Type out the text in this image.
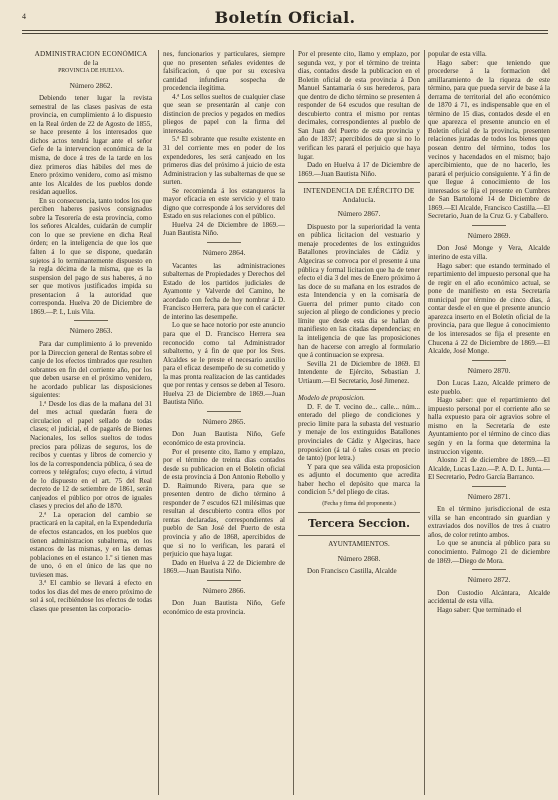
4	Boletín Oficial.
ADMINISTRACION ECONÓMICA
de la
PROVINCIA DE HUELVA.
Número 2862.

Debiendo tener lugar la revista semestral de las clases pasivas de esta provincia, en cumplimiento á lo dispuesto en la Real órden de 22 de Agosto de 1855, se hace presente á los interesados que dichos actos tendrá lugar ante el señor Gefe de la intervencion económica de la misma, de doce á tres de la tarde en los diez primeros días hábiles del mes de Enero próximo venidero, como así mismo ante los Alcaldes de los pueblos donde residan aquellos.

En su consecuencia, tanto todos los que perciben haberes pasivos consignados sobre la Tesorería de esta provincia, como los señores Alcaldes, cuidarán de cumplir con lo que se previene en dicha Real órden; en la inteligencia de que los que falten á lo que se dispone, quedarán sujetos á lo terminantemente dispuesto en la regla décima de la misma, que es la suspension del pago de sus haberes, á no ser que motivos justificados impida su presentacion á la autoridad que corresponda. Huelva 20 de Diciembre de 1869.—P. I., Luis Vila.

Número 2863.

Para dar cumplimiento á lo prevenido por la Direccion general de Rentas sobre el canje de los efectos timbrados que resulten sobrantes en fin del corriente año, por los que deben usarse en el próximo venidero, he acordado publicar las disposiciones siguientes:

1.ª Desde los dias de la mañana del 31 del mes actual quedarán fuera de circulacion el papel sellado de todas clases; el judicial, el de pagarés de Bienes Nacionales, los sellos sueltos de todos precios para pólizas de seguros, los de recibos y cuentas y libros de comercio y los de la correspondencia pública, ó sea de correos y telégrafos; cuyo efecto, á virtud de lo dispuesto en el art. 75 del Real decreto de 12 de setiembre de 1861, serán canjeados el público por otros de iguales clases y precios del año de 1870.

2.ª La operacion del cambio se practicará en la capital, en la Expendeduría de efectos estancados, en los pueblos que tienen administracion subalterna, en los estancos de las mismas, y en las demas poblaciones en el estanco 1.º si tienen mas de uno, ó en el único de las que no tuviesen mas.

3.ª El cambio se llevará á efecto en todos los dias del mes de enero próximo de sol á sol, recibiéndose los efectos de todas clases que presenten las corporacio-

nes, funcionarios y particulares, siempre que no presenten señales evidentes de falsificacion, ó que por su excesiva cantidad infundiera sospecha de procedencia ilegítima.

4.ª Los sellos sueltos de cualquier clase que sean se presentarán al canje con distincion de precios y pegados en medios pliegos de papel con la firma del interesado.

5.ª El sobrante que resulte existente en 31 del corriente mes en poder de los expendedores, les será canjeado en los primeros dias del próximo á juicio de esta Administracion y las subalternas de que se surten.

Se recomienda á los estanqueros la mayor eficacia en este servicio y el trato digno que corresponde á los servidores del Estado en sus relaciones con el público.

Huelva 24 de Diciembre de 1869.—Juan Bautista Niño.

Número 2864.

Vacantes las administraciones subalternas de Propiedades y Derechos del Estado de los partidos judiciales de Ayamonte y Valverde del Camino, he acordado con fecha de hoy nombrar á D. Francisco Herrera, para que con el carácter de interino las desempeñe.

Lo que se hace notorio por este anuncio para que el D. Francisco Herrera sea reconocido como tal Administrador subalterno, y á fin de que por los Sres. Alcaldes se le preste el necesario auxilio para el eficaz desempeño de su cometido y la mas pronta realizacion de las cantidades que por rentas y censos se deben al Tesoro. Huelva 23 de Diciembre de 1869.—Juan Bautista Niño.

Número 2865.

Don Juan Bautista Niño, Gefe económico de esta provincia.

Por el presente cito, llamo y emplazo, por el término de treinta dias contados desde su publicacion en el Boletin oficial de esta provincia á Don Antonio Rebollo y D. Raimundo Rivera, para que se presenten dentro de dicho término á responder de 7 escudos 621 milésimas que resultan al descubierto contra ellos por rentas declaradas, correspondientes al pueblo de San José del Puerto de esta provincia y año de 1868, apercibidos de que si no lo verifican, les parará el perjuicio que haya lugar.

Dado en Huelva á 22 de Diciembre de 1869.—Juan Bautista Niño.

Número 2866.

Don Juan Bautista Niño, Gefe económico de esta provincia.

Por el presente cito, llamo y emplazo, por segunda vez, y por el término de treinta dias, contados desde la publicacion en el Boletin oficial de esta provincia á Don Manuel Santamaría ó sus herederos, para que dentro de dicho término se presenten á responder de 64 escudos que resultan de descubierto contra el mismo por rentas decimales, correspondientes al pueblo de San Juan del Puerto de esta provincia y año de 1837; apercibidos de que si no lo verifican les parará el perjuicio que haya lugar.

Dado en Huelva á 17 de Diciembre de 1869.—Juan Bautista Niño.

INTENDENCIA DE EJÉRCITO DE
Andalucía.
Número 2867.

Dispuesto por la superioridad la venta en pública licitacion del vestuario y menaje procedentes de los extinguidos Batallones provinciales de Cádiz y Algeciras se convoca por el presente á una pública y formal licitacion que ha de tener efecto el dia 3 del mes de Enero próximo á las doce de su mañana en los estrados de esta Intendencia y en la comisaría de Guerra del primer punto citado con sujecion al pliego de condiciones y precio límite que desde esta dia se hallan de manifiesto en las citadas dependencias; en la inteligencia de que las proposiciones han de hacerse con arreglo al formulario que á continuacion se expresa.

Sevilla 21 de Diciembre de 1869. El Intendente de Ejército, Sebastian J. Urtiaum.—El Secretario, José Jimenez.

Modelo de proposicion.

D. F. de T. vecino de... calle... núm... enterado del pliego de condiciones y precio límite para la subasta del vestuario y menaje de los extinguidos Batallones provinciales de Cádiz y Algeciras, hace proposicion (á tal ó tales cosas en precio de tanto) (por letra.)

Y para que sea válida esta proposicion es adjunto el documento que acredita haber hecho el depósito que marca la condicion 5.ª del pliego de citas.

(Fecha y firma del proponente.)
Tercera Seccion.
AYUNTAMIENTOS.
Número 2868.

Don Francisco Castilla, Alcalde

popular de esta villa.

Hago saber: que teniendo que procederse á la formacion del amillaramiento de la riqueza de este término, para que pueda servir de base á la derrama de territorial del año económico de 1870 á 71, es indispensable que en el término de 15 dias, contados desde el en que aparezca el presente anuncio en el Boletin oficial de la provincia, presenten relaciones juradas de todos los bienes que posean dentro del término, todos los vecinos y hacendados en el mismo; bajo apercibimiento, que de no hacerlo, les parará el perjuicio consiguiente. Y á fin de que llegue á conocimiento de los interesados se fija el presente en Cumbres de San Bartolomé 14 de Diciembre de 1869.—El Alcalde, Francisco Castilla.—El Secretario, Juan de la Cruz G. y Caballero.

Número 2869.

Don José Monge y Vera, Alcalde interino de esta villa.

Hago saber: que estando terminado el repartimiento del impuesto personal que ha de regir en el año económico actual, se pone de manifiesto en esta Secretaría municipal por término de cinco dias, á contar desde el en que el presente anuncio aparezca inserto en el Boletín oficial de la provincia, para que llegue á conocimiento de los interesados se fija el presente en Chucena á 22 de Diciembre de 1869.—El Alcalde, José Monge.

Número 2870.

Don Lucas Lazo, Alcalde primero de este pueblo.

Hago saber: que el repartimiento del impuesto personal por el corriente año se halla expuesto para oir agravios sobre el mismo en la Secretaría de este Ayuntamiento por el término de cinco dias según y en la forma que determina la instruccion vigente.

Alosno 21 de diciembre de 1869.—El Alcalde, Lucas Lazo.—P. A. D. L. Junta.—El Secretario, Pedro García Barranco.

Número 2871.

En el término jurisdiccional de esta villa se han encontrado sin guardian y extraviados dos novillos de tres á cuatro años, de color retinto ambos.

Lo que se anuncia al público para su conocimiento. Palmogo 21 de diciembre de 1869.—Diego de Mora.

Número 2872.

Don Custodio Alcántara, Alcalde accidental de esta villa.

Hago saber: Que terminado el
